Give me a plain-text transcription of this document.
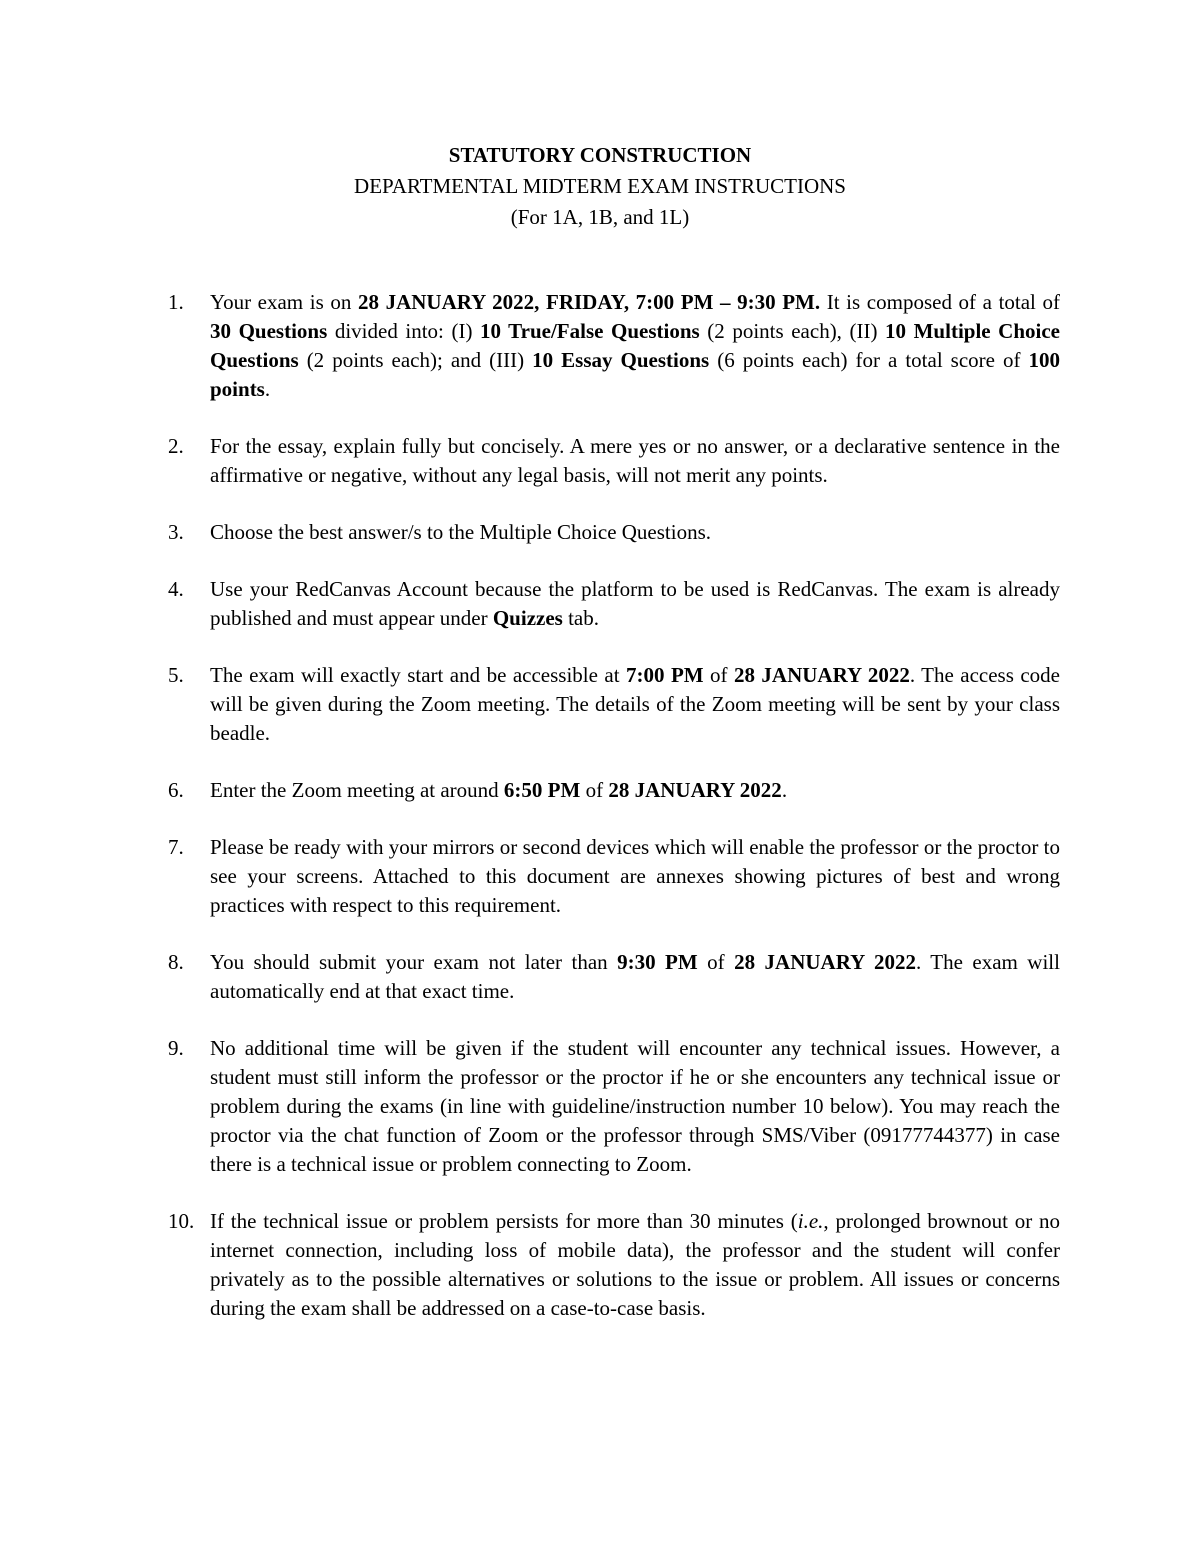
STATUTORY CONSTRUCTION
DEPARTMENTAL MIDTERM EXAM INSTRUCTIONS
(For 1A, 1B, and 1L)
1.	Your exam is on 28 JANUARY 2022, FRIDAY, 7:00 PM – 9:30 PM. It is composed of a total of 30 Questions divided into: (I) 10 True/False Questions (2 points each), (II) 10 Multiple Choice Questions (2 points each); and (III) 10 Essay Questions (6 points each) for a total score of 100 points.

2.	For the essay, explain fully but concisely. A mere yes or no answer, or a declarative sentence in the affirmative or negative, without any legal basis, will not merit any points.

3.	Choose the best answer/s to the Multiple Choice Questions.

4.	Use your RedCanvas Account because the platform to be used is RedCanvas. The exam is already published and must appear under Quizzes tab.

5.	The exam will exactly start and be accessible at 7:00 PM of 28 JANUARY 2022. The access code will be given during the Zoom meeting. The details of the Zoom meeting will be sent by your class beadle.

6.	Enter the Zoom meeting at around 6:50 PM of 28 JANUARY 2022.

7.	Please be ready with your mirrors or second devices which will enable the professor or the proctor to see your screens. Attached to this document are annexes showing pictures of best and wrong practices with respect to this requirement.

8.	You should submit your exam not later than 9:30 PM of 28 JANUARY 2022. The exam will automatically end at that exact time.

9.	No additional time will be given if the student will encounter any technical issues. However, a student must still inform the professor or the proctor if he or she encounters any technical issue or problem during the exams (in line with guideline/instruction number 10 below). You may reach the proctor via the chat function of Zoom or the professor through SMS/Viber (09177744377) in case there is a technical issue or problem connecting to Zoom.

10. If the technical issue or problem persists for more than 30 minutes (i.e., prolonged brownout or no internet connection, including loss of mobile data), the professor and the student will confer privately as to the possible alternatives or solutions to the issue or problem. All issues or concerns during the exam shall be addressed on a case-to-case basis.
